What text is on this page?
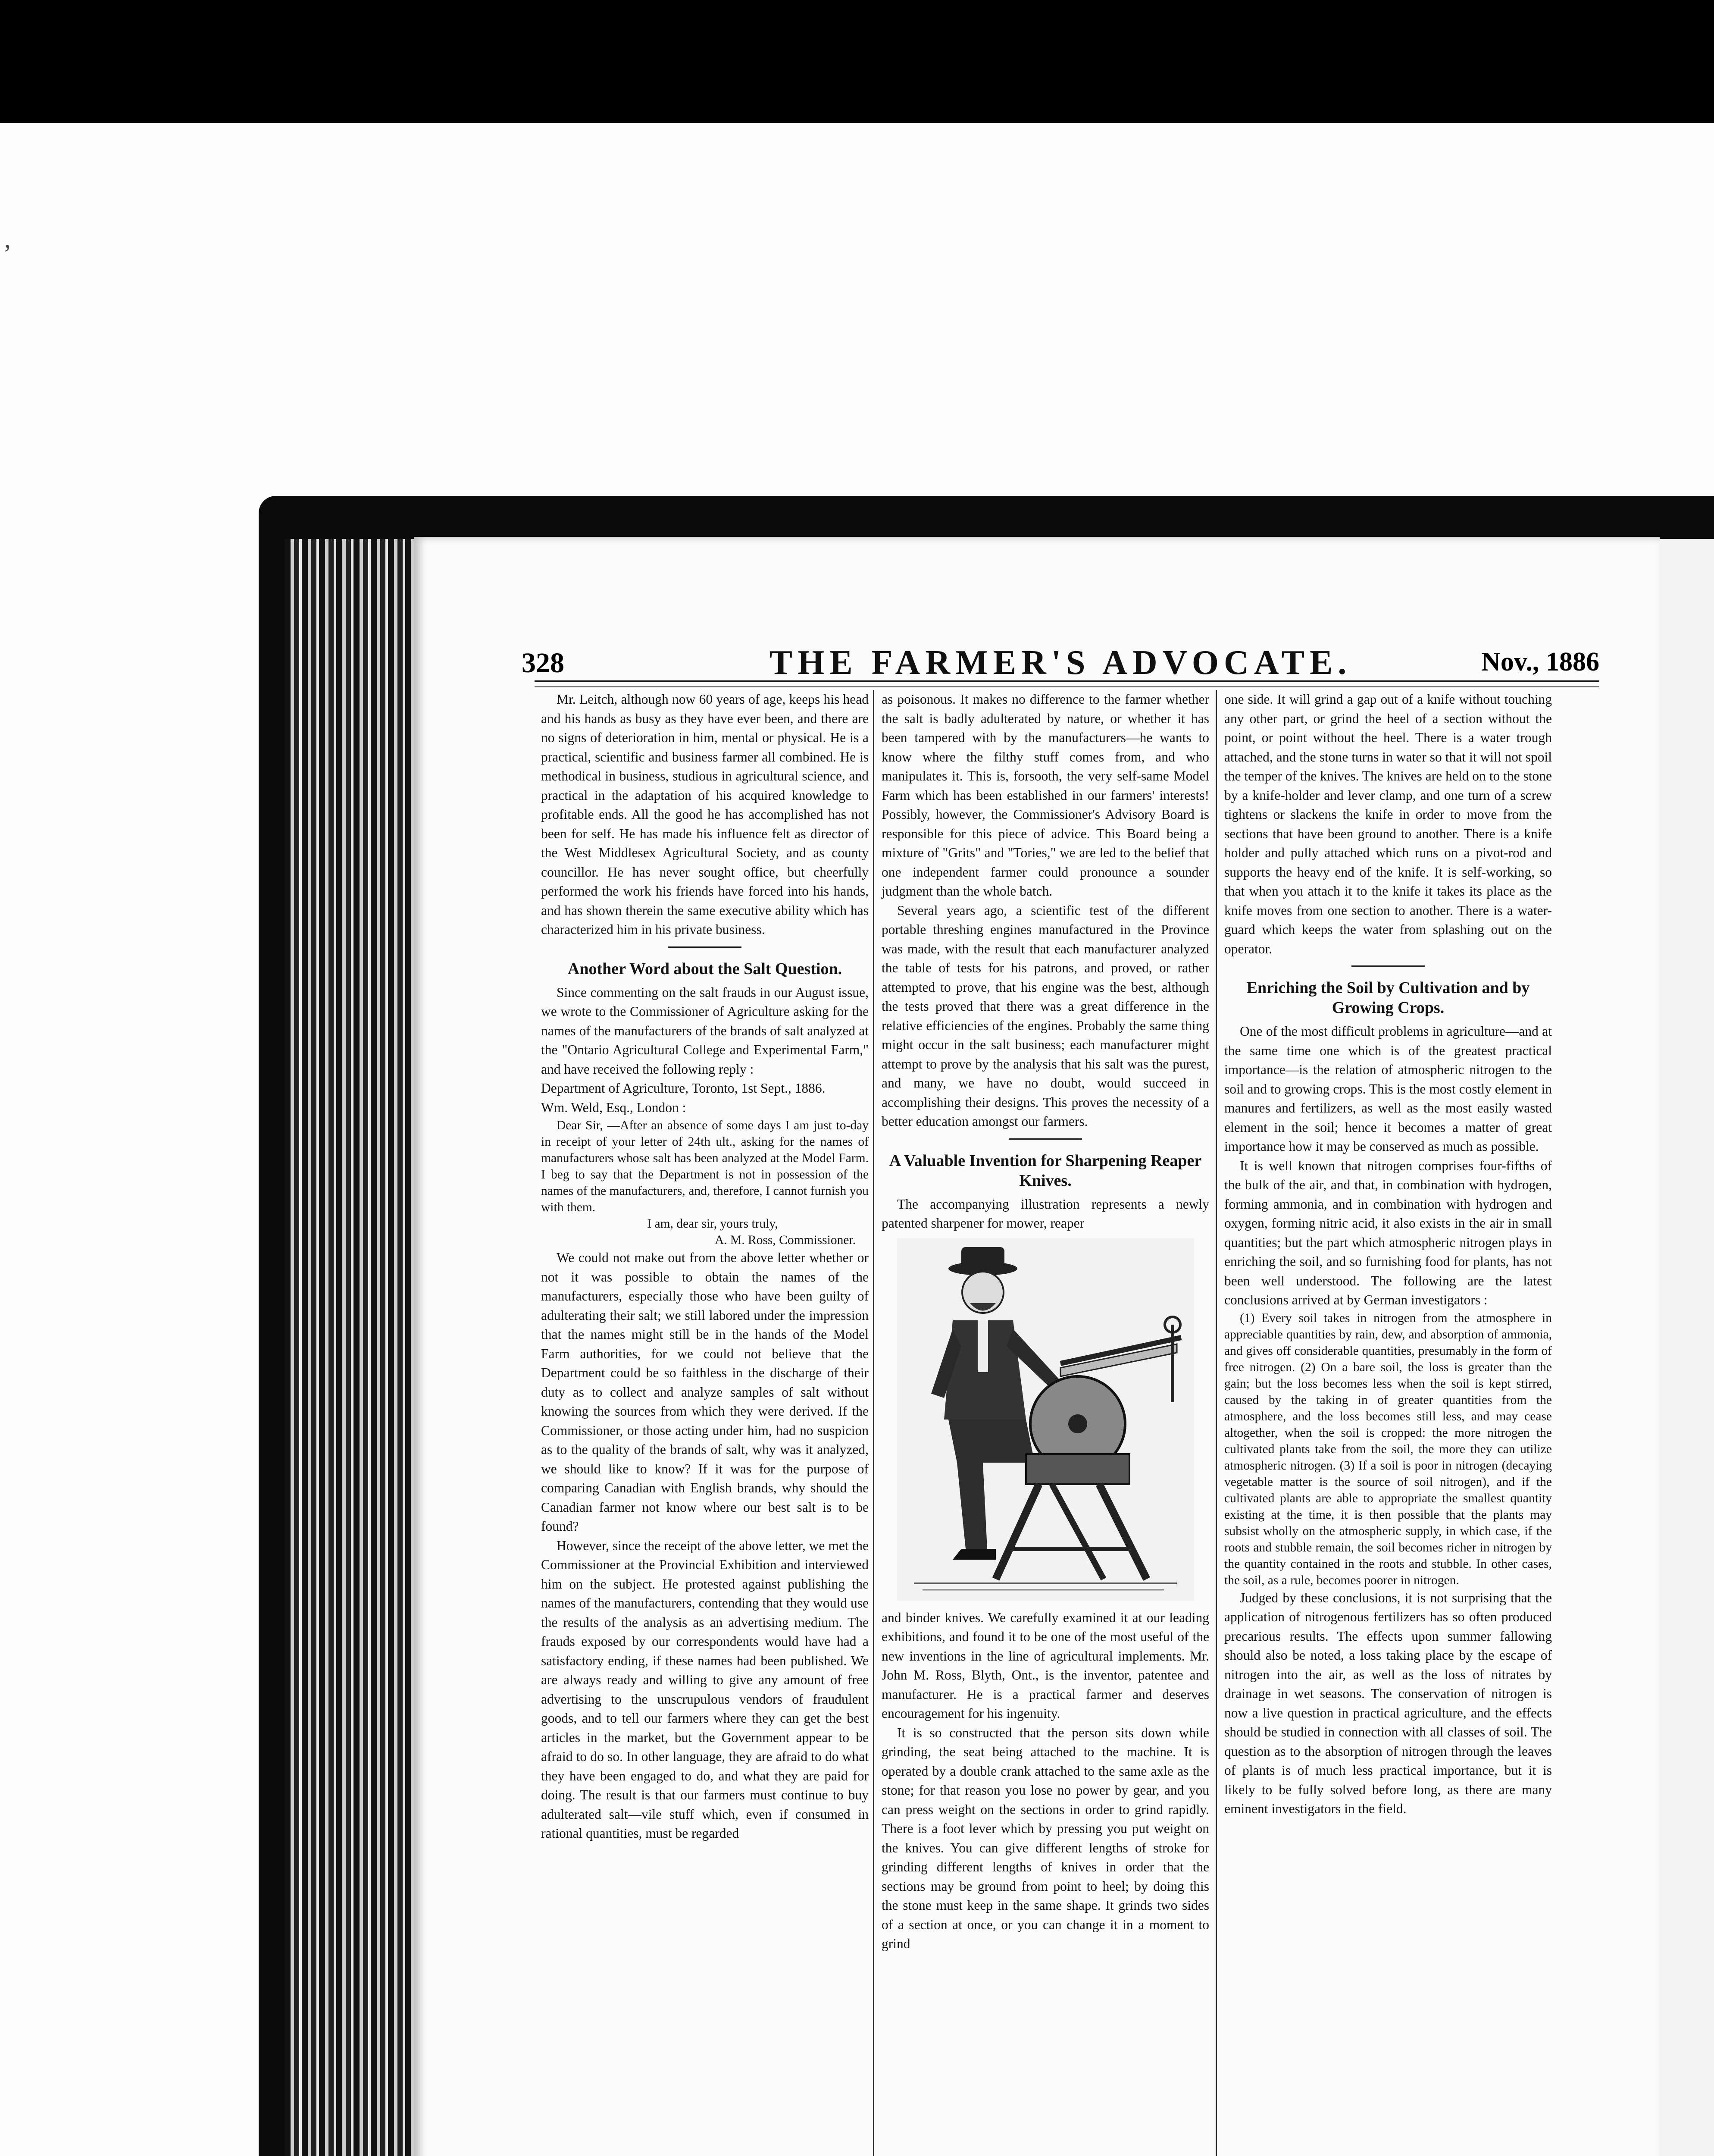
,
328	THE FARMER'S ADVOCATE.	Nov., 1886

Mr. Leitch, although now 60 years of age, keeps his head and his hands as busy as they have ever been, and there are no signs of deterioration in him, mental or physical. He is a practical, scientific and business farmer all combined. He is methodical in business, studious in agricultural science, and practical in the adaptation of his acquired knowledge to profitable ends. All the good he has accomplished has not been for self. He has made his influence felt as director of the West Middlesex Agricultural Society, and as county councillor. He has never sought office, but cheerfully performed the work his friends have forced into his hands, and has shown therein the same executive ability which has characterized him in his private business.

Another Word about the Salt Question.

Since commenting on the salt frauds in our August issue, we wrote to the Commissioner of Agriculture asking for the names of the manufacturers of the brands of salt analyzed at the "Ontario Agricultural College and Experimental Farm," and have received the following reply :

Department of Agriculture, Toronto, 1st Sept., 1886.

Wm. Weld, Esq., London :

Dear Sir, —After an absence of some days I am just to-day in receipt of your letter of 24th ult., asking for the names of manufacturers whose salt has been analyzed at the Model Farm. I beg to say that the Department is not in possession of the names of the manufacturers, and, therefore, I cannot furnish you with them.

I am, dear sir, yours truly,

A. M. Ross, Commissioner.

We could not make out from the above letter whether or not it was possible to obtain the names of the manufacturers, especially those who have been guilty of adulterating their salt; we still labored under the impression that the names might still be in the hands of the Model Farm authorities, for we could not believe that the Department could be so faithless in the discharge of their duty as to collect and analyze samples of salt without knowing the sources from which they were derived. If the Commissioner, or those acting under him, had no suspicion as to the quality of the brands of salt, why was it analyzed, we should like to know? If it was for the purpose of comparing Canadian with English brands, why should the Canadian farmer not know where our best salt is to be found?

However, since the receipt of the above letter, we met the Commissioner at the Provincial Exhibition and interviewed him on the subject. He protested against publishing the names of the manufacturers, contending that they would use the results of the analysis as an advertising medium. The frauds exposed by our correspondents would have had a satisfactory ending, if these names had been published. We are always ready and willing to give any amount of free advertising to the unscrupulous vendors of fraudulent goods, and to tell our farmers where they can get the best articles in the market, but the Government appear to be afraid to do so. In other language, they are afraid to do what they have been engaged to do, and what they are paid for doing. The result is that our farmers must continue to buy adulterated salt—vile stuff which, even if consumed in rational quantities, must be regarded

as poisonous. It makes no difference to the farmer whether the salt is badly adulterated by nature, or whether it has been tampered with by the manufacturers—he wants to know where the filthy stuff comes from, and who manipulates it. This is, forsooth, the very self-same Model Farm which has been established in our farmers' interests! Possibly, however, the Commissioner's Advisory Board is responsible for this piece of advice. This Board being a mixture of "Grits" and "Tories," we are led to the belief that one independent farmer could pronounce a sounder judgment than the whole batch.

Several years ago, a scientific test of the different portable threshing engines manufactured in the Province was made, with the result that each manufacturer analyzed the table of tests for his patrons, and proved, or rather attempted to prove, that his engine was the best, although the tests proved that there was a great difference in the relative efficiencies of the engines. Probably the same thing might occur in the salt business; each manufacturer might attempt to prove by the analysis that his salt was the purest, and many, we have no doubt, would succeed in accomplishing their designs. This proves the necessity of a better education amongst our farmers.

A Valuable Invention for Sharpening Reaper Knives.

The accompanying illustration represents a newly patented sharpener for mower, reaper

and binder knives. We carefully examined it at our leading exhibitions, and found it to be one of the most useful of the new inventions in the line of agricultural implements. Mr. John M. Ross, Blyth, Ont., is the inventor, patentee and manufacturer. He is a practical farmer and deserves encouragement for his ingenuity.

It is so constructed that the person sits down while grinding, the seat being attached to the machine. It is operated by a double crank attached to the same axle as the stone; for that reason you lose no power by gear, and you can press weight on the sections in order to grind rapidly. There is a foot lever which by pressing you put weight on the knives. You can give different lengths of stroke for grinding different lengths of knives in order that the sections may be ground from point to heel; by doing this the stone must keep in the same shape. It grinds two sides of a section at once, or you can change it in a moment to grind

one side. It will grind a gap out of a knife without touching any other part, or grind the heel of a section without the point, or point without the heel. There is a water trough attached, and the stone turns in water so that it will not spoil the temper of the knives. The knives are held on to the stone by a knife-holder and lever clamp, and one turn of a screw tightens or slackens the knife in order to move from the sections that have been ground to another. There is a knife holder and pully attached which runs on a pivot-rod and supports the heavy end of the knife. It is self-working, so that when you attach it to the knife it takes its place as the knife moves from one section to another. There is a water-guard which keeps the water from splashing out on the operator.

Enriching the Soil by Cultivation and by Growing Crops.

One of the most difficult problems in agriculture—and at the same time one which is of the greatest practical importance—is the relation of atmospheric nitrogen to the soil and to growing crops. This is the most costly element in manures and fertilizers, as well as the most easily wasted element in the soil; hence it becomes a matter of great importance how it may be conserved as much as possible.

It is well known that nitrogen comprises four-fifths of the bulk of the air, and that, in combination with hydrogen, forming ammonia, and in combination with hydrogen and oxygen, forming nitric acid, it also exists in the air in small quantities; but the part which atmospheric nitrogen plays in enriching the soil, and so furnishing food for plants, has not been well understood. The following are the latest conclusions arrived at by German investigators :

(1) Every soil takes in nitrogen from the atmosphere in appreciable quantities by rain, dew, and absorption of ammonia, and gives off considerable quantities, presumably in the form of free nitrogen. (2) On a bare soil, the loss is greater than the gain; but the loss becomes less when the soil is kept stirred, caused by the taking in of greater quantities from the atmosphere, and the loss becomes still less, and may cease altogether, when the soil is cropped: the more nitrogen the cultivated plants take from the soil, the more they can utilize atmospheric nitrogen. (3) If a soil is poor in nitrogen (decaying vegetable matter is the source of soil nitrogen), and if the cultivated plants are able to appropriate the smallest quantity existing at the time, it is then possible that the plants may subsist wholly on the atmospheric supply, in which case, if the roots and stubble remain, the soil becomes richer in nitrogen by the quantity contained in the roots and stubble. In other cases, the soil, as a rule, becomes poorer in nitrogen.

Judged by these conclusions, it is not surprising that the application of nitrogenous fertilizers has so often produced precarious results. The effects upon summer fallowing should also be noted, a loss taking place by the escape of nitrogen into the air, as well as the loss of nitrates by drainage in wet seasons. The conservation of nitrogen is now a live question in practical agriculture, and the effects should be studied in connection with all classes of soil. The question as to the absorption of nitrogen through the leaves of plants is of much less practical importance, but it is likely to be fully solved before long, as there are many eminent investigators in the field.
